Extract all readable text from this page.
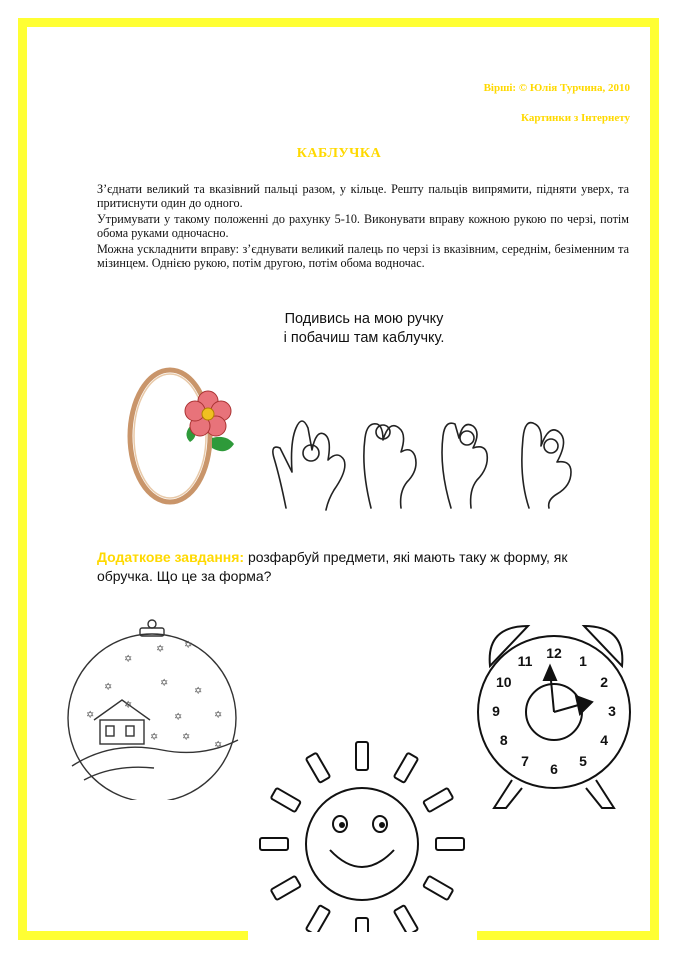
Вірші: © Юлія Турчина, 2010
Картинки з Інтернету
КАБЛУЧКА

З’єднати великий та вказівний пальці разом, у кільце. Решту пальців випрямити, підняти уверх, та притиснути один до одного.

Утримувати у такому положенні до рахунку 5-10. Виконувати вправу кожною рукою по черзі, потім обома руками одночасно.

Можна ускладнити вправу: з’єднувати великий палець по черзі із вказівним, середнім, безіменним та мізинцем. Однією рукою, потім другою, потім обома водночас.

Подивись на мою ручку
і побачиш там каблучку.
Додаткове завдання: розфарбуй предмети, які мають таку ж форму, як обручка. Що це за форма?
✡
✡ ✡
✡	✡
✡
✡
✡
✡
✡
✡ ✡
✡
12 1
2
3
4
5
6
7
8
9
10
11
